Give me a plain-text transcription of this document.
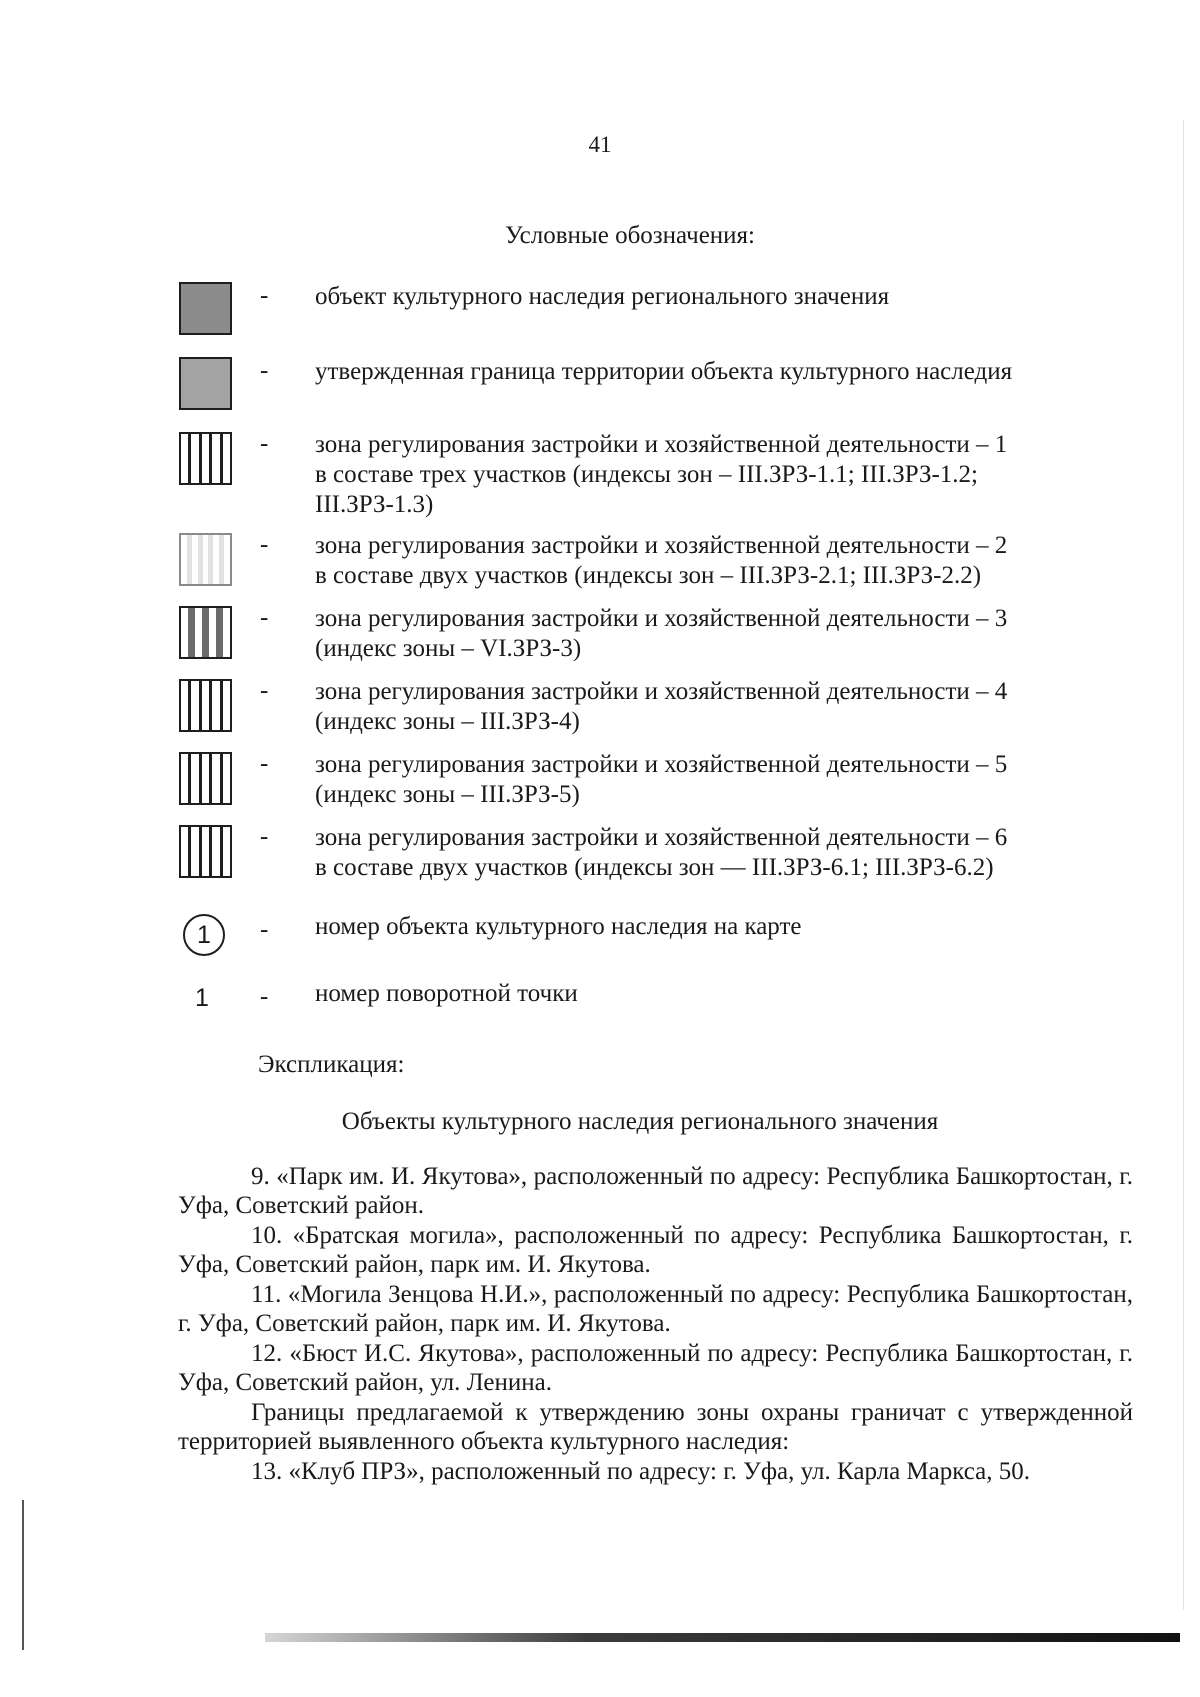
41
Условные обозначения:
- объект культурного наследия регионального значения
- утвержденная граница территории объекта культурного наследия
- зона регулирования застройки и хозяйственной деятельности – 1
в составе трех участков (индексы зон – III.ЗРЗ-1.1; III.ЗРЗ-1.2;
III.ЗРЗ-1.3)
- зона регулирования застройки и хозяйственной деятельности – 2
в составе двух участков (индексы зон – III.ЗРЗ-2.1; III.ЗРЗ-2.2)
- зона регулирования застройки и хозяйственной деятельности – 3
(индекс зоны – VI.ЗРЗ-3)
- зона регулирования застройки и хозяйственной деятельности – 4
(индекс зоны – III.ЗРЗ-4)
- зона регулирования застройки и хозяйственной деятельности – 5
(индекс зоны – III.ЗРЗ-5)
- зона регулирования застройки и хозяйственной деятельности – 6
в составе двух участков (индексы зон — III.ЗРЗ-6.1; III.ЗРЗ-6.2)
1	- номер объекта культурного наследия на карте
1 - номер поворотной точки
Экспликация:
Объекты культурного наследия регионального значения

9. «Парк им. И. Якутова», расположенный по адресу: Республика Башкортостан, г. Уфа, Советский район.

10. «Братская могила», расположенный по адресу: Республика Башкортостан, г. Уфа, Советский район, парк им. И. Якутова.

11. «Могила Зенцова Н.И.», расположенный по адресу: Республика Башкортостан, г. Уфа, Советский район, парк им. И. Якутова.

12. «Бюст И.С. Якутова», расположенный по адресу: Республика Башкортостан, г. Уфа, Советский район, ул. Ленина.

Границы предлагаемой к утверждению зоны охраны граничат с утвержденной территорией выявленного объекта культурного наследия:

13. «Клуб ПРЗ», расположенный по адресу: г. Уфа, ул. Карла Маркса, 50.
